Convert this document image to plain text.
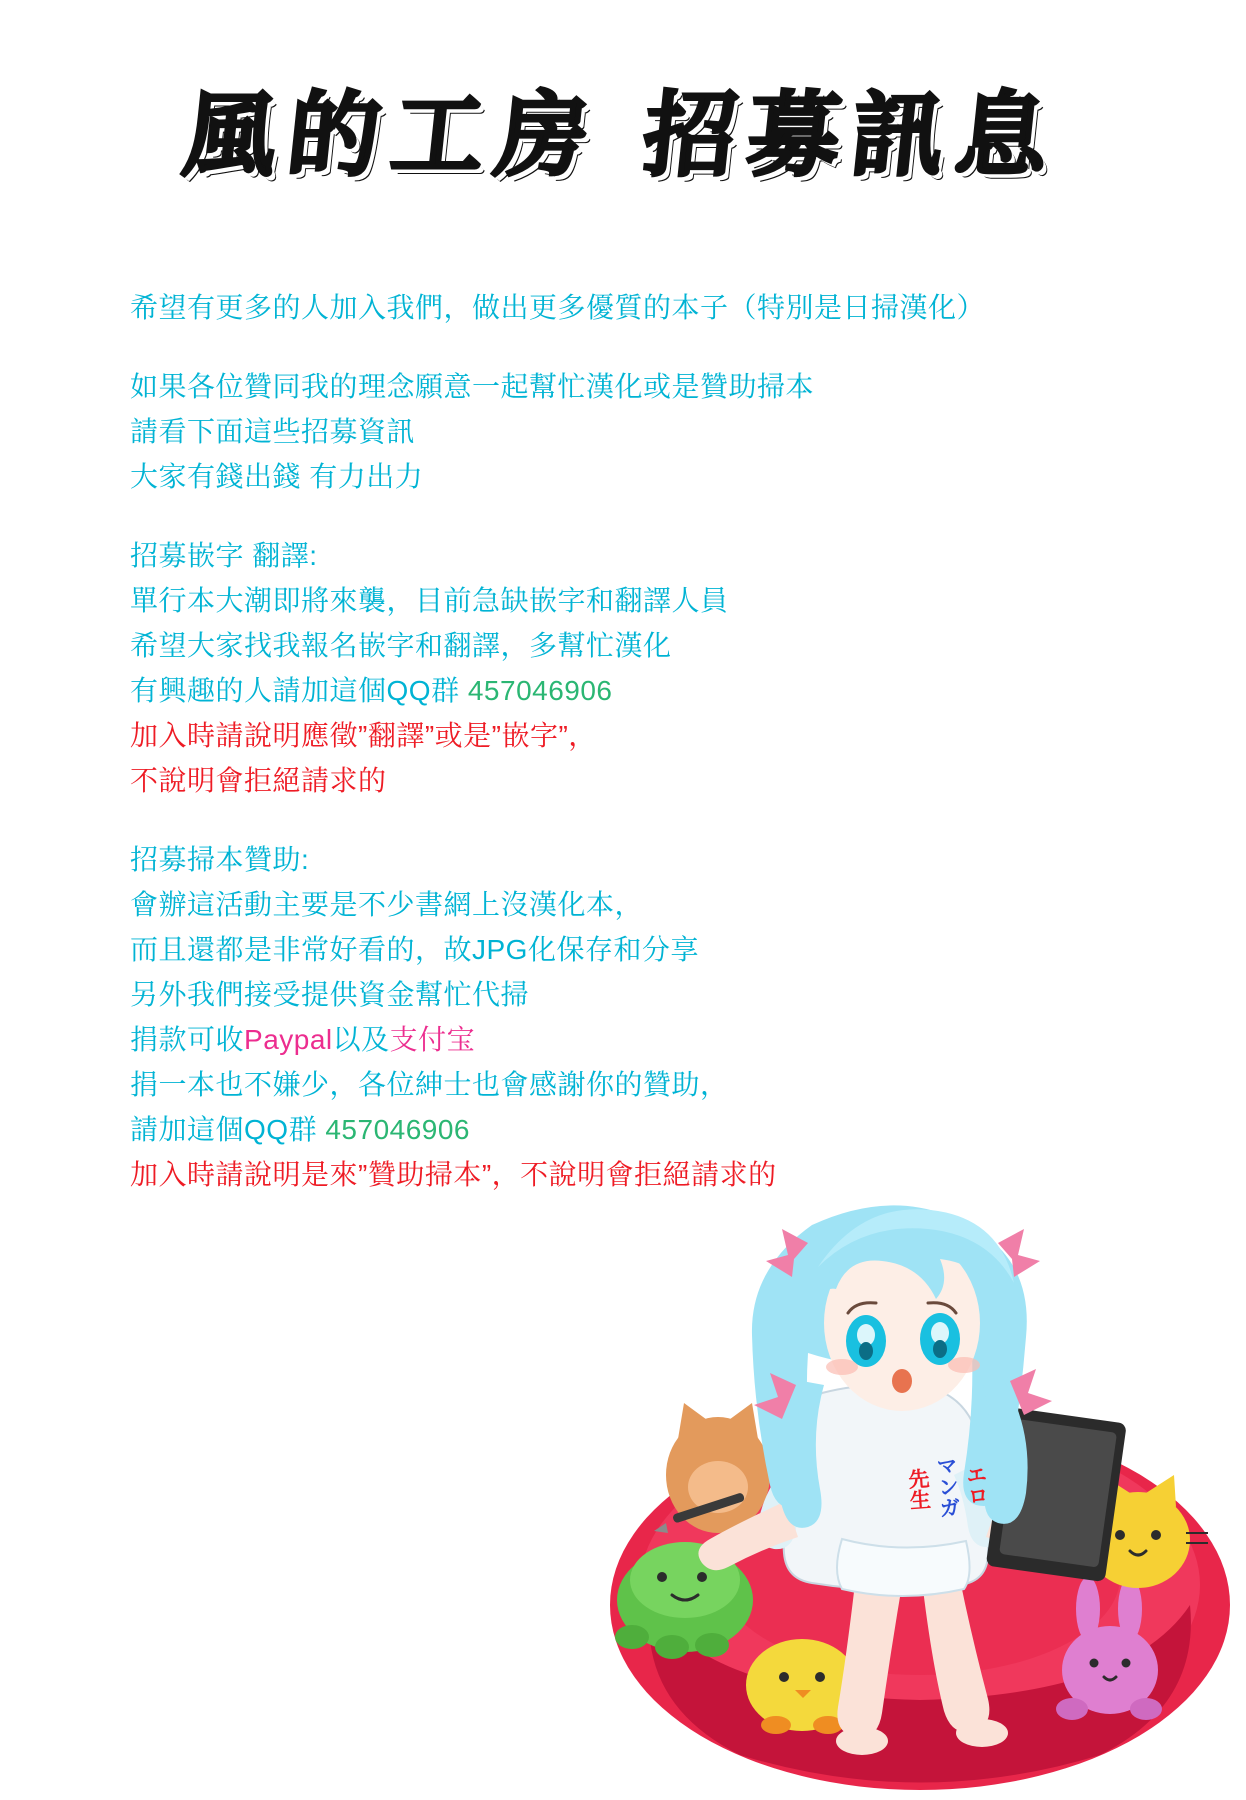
風的工房 招募訊息
希望有更多的人加入我們，做出更多優質的本子（特別是日掃漢化）
如果各位贊同我的理念願意一起幫忙漢化或是贊助掃本
請看下面這些招募資訊
大家有錢出錢 有力出力
招募嵌字 翻譯:
單行本大潮即將來襲，目前急缺嵌字和翻譯人員
希望大家找我報名嵌字和翻譯，多幫忙漢化
有興趣的人請加這個QQ群 457046906
加入時請說明應徵”翻譯”或是”嵌字”，
不說明會拒絕請求的
招募掃本贊助:
會辦這活動主要是不少書網上沒漢化本，
而且還都是非常好看的，故JPG化保存和分享
另外我們接受提供資金幫忙代掃
捐款可收Paypal以及支付宝
捐一本也不嫌少，各位紳士也會感謝你的贊助，
請加這個QQ群 457046906
加入時請說明是來”贊助掃本”，不說明會拒絕請求的
先生 マンガ エロ
